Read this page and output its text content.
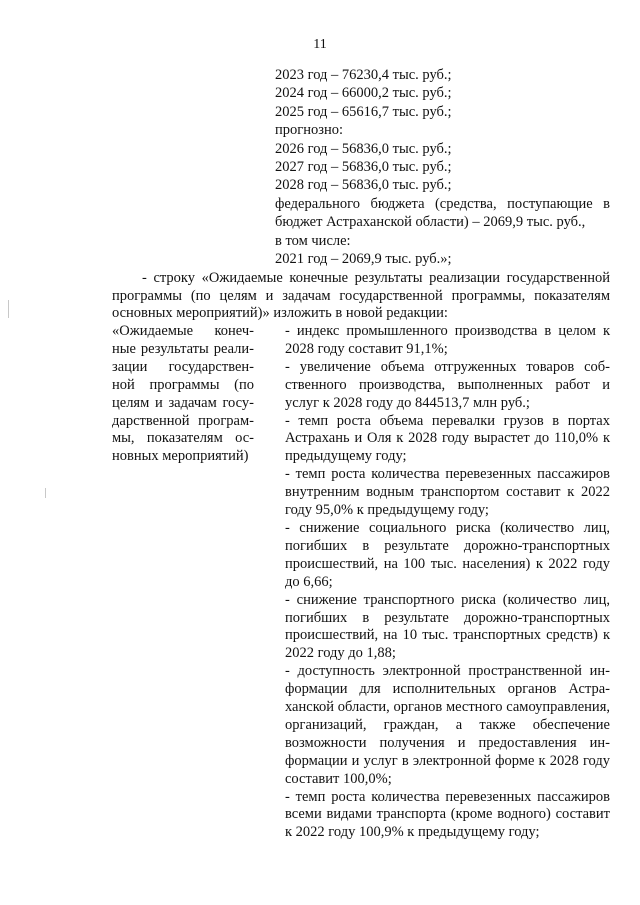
11
2023 год – 76230,4 тыс. руб.;
2024 год – 66000,2 тыс. руб.;
2025 год – 65616,7 тыс. руб.;
прогнозно:
2026 год – 56836,0 тыс. руб.;
2027 год – 56836,0 тыс. руб.;
2028 год – 56836,0 тыс. руб.;
федерального бюджета (средства, поступающие в бюджет Астраханской области) – 2069,9 тыс. руб.,
в том числе:
2021 год – 2069,9 тыс. руб.»;
- строку «Ожидаемые конечные результаты реализации государственной программы (по целям и задачам государственной программы, показателям основных мероприятий)» изложить в новой редакции:
«Ожидаемые конечные результаты реализации государственной программы (по целям и задачам государственной программы, показателям основных мероприятий)

- индекс промышленного производства в целом к 2028 году составит 91,1%;

- увеличение объема отгруженных товаров собственного производства, выполненных работ и услуг к 2028 году до 844513,7 млн руб.;

- темп роста объема перевалки грузов в портах Астрахань и Оля к 2028 году вырастет до 110,0% к предыдущему году;

- темп роста количества перевезенных пассажиров внутренним водным транспортом составит к 2022 году 95,0% к предыдущему году;

- снижение социального риска (количество лиц, погибших в результате дорожно-транспортных происшествий, на 100 тыс. населения) к 2022 году до 6,66;

- снижение транспортного риска (количество лиц, погибших в результате дорожно-транспортных происшествий, на 10 тыс. транспортных средств) к 2022 году до 1,88;

- доступность электронной пространственной информации для исполнительных органов Астраханской области, органов местного самоуправления, организаций, граждан, а также обеспечение возможности получения и предоставления информации и услуг в электронной форме к 2028 году составит 100,0%;

- темп роста количества перевезенных пассажиров всеми видами транспорта (кроме водного) составит к 2022 году 100,9% к предыдущему году;
